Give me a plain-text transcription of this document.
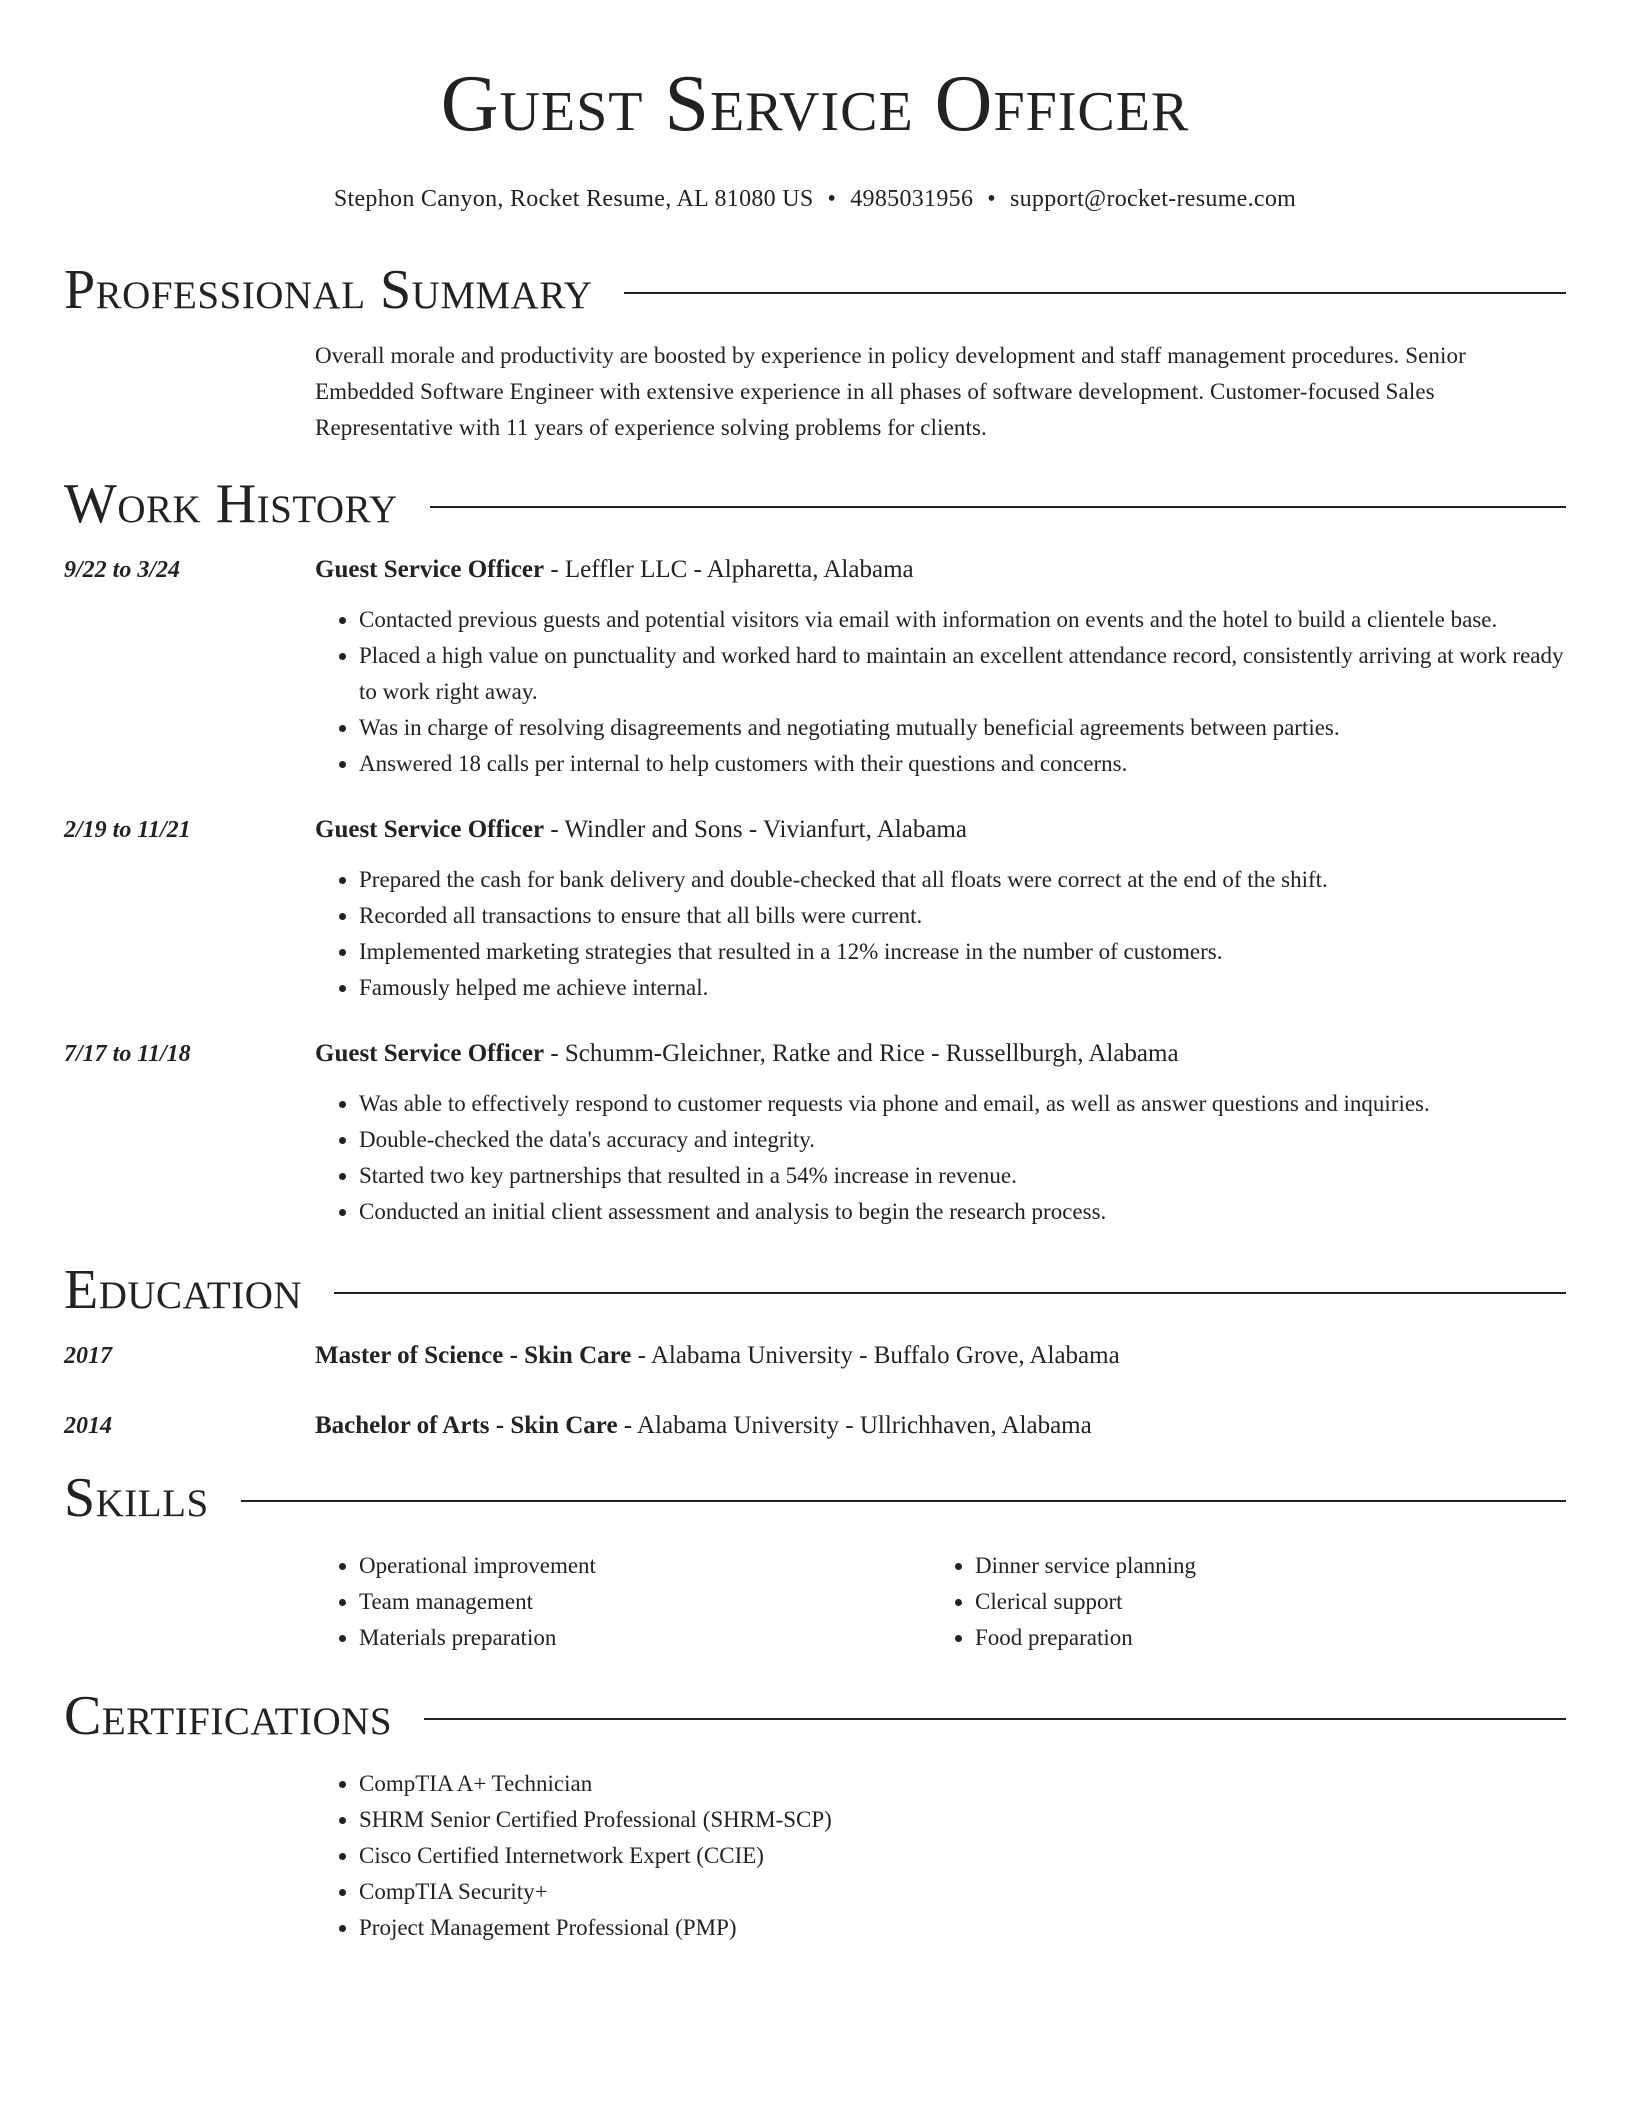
Guest Service Officer
Stephon Canyon, Rocket Resume, AL 81080 US • 4985031956 • support@rocket-resume.com
Professional Summary
Overall morale and productivity are boosted by experience in policy development and staff management procedures. Senior Embedded Software Engineer with extensive experience in all phases of software development. Customer-focused Sales Representative with 11 years of experience solving problems for clients.
Work History
9/22 to 3/24	Guest Service Officer - Leffler LLC - Alpharetta, Alabama
• Contacted previous guests and potential visitors via email with information on events and the hotel to build a clientele base.
• Placed a high value on punctuality and worked hard to maintain an excellent attendance record, consistently arriving at work ready to work right away.
• Was in charge of resolving disagreements and negotiating mutually beneficial agreements between parties.
• Answered 18 calls per internal to help customers with their questions and concerns.
2/19 to 11/21	Guest Service Officer - Windler and Sons - Vivianfurt, Alabama
• Prepared the cash for bank delivery and double-checked that all floats were correct at the end of the shift.
• Recorded all transactions to ensure that all bills were current.
• Implemented marketing strategies that resulted in a 12% increase in the number of customers.
• Famously helped me achieve internal.
7/17 to 11/18	Guest Service Officer - Schumm-Gleichner, Ratke and Rice - Russellburgh, Alabama
• Was able to effectively respond to customer requests via phone and email, as well as answer questions and inquiries.
• Double-checked the data's accuracy and integrity.
• Started two key partnerships that resulted in a 54% increase in revenue.
• Conducted an initial client assessment and analysis to begin the research process.
Education
2017	Master of Science - Skin Care - Alabama University - Buffalo Grove, Alabama
2014	Bachelor of Arts - Skin Care - Alabama University - Ullrichhaven, Alabama
Skills
• Operational improvement
• Team management
• Materials preparation
• Dinner service planning
• Clerical support
• Food preparation
Certifications
• CompTIA A+ Technician
• SHRM Senior Certified Professional (SHRM-SCP)
• Cisco Certified Internetwork Expert (CCIE)
• CompTIA Security+
• Project Management Professional (PMP)
